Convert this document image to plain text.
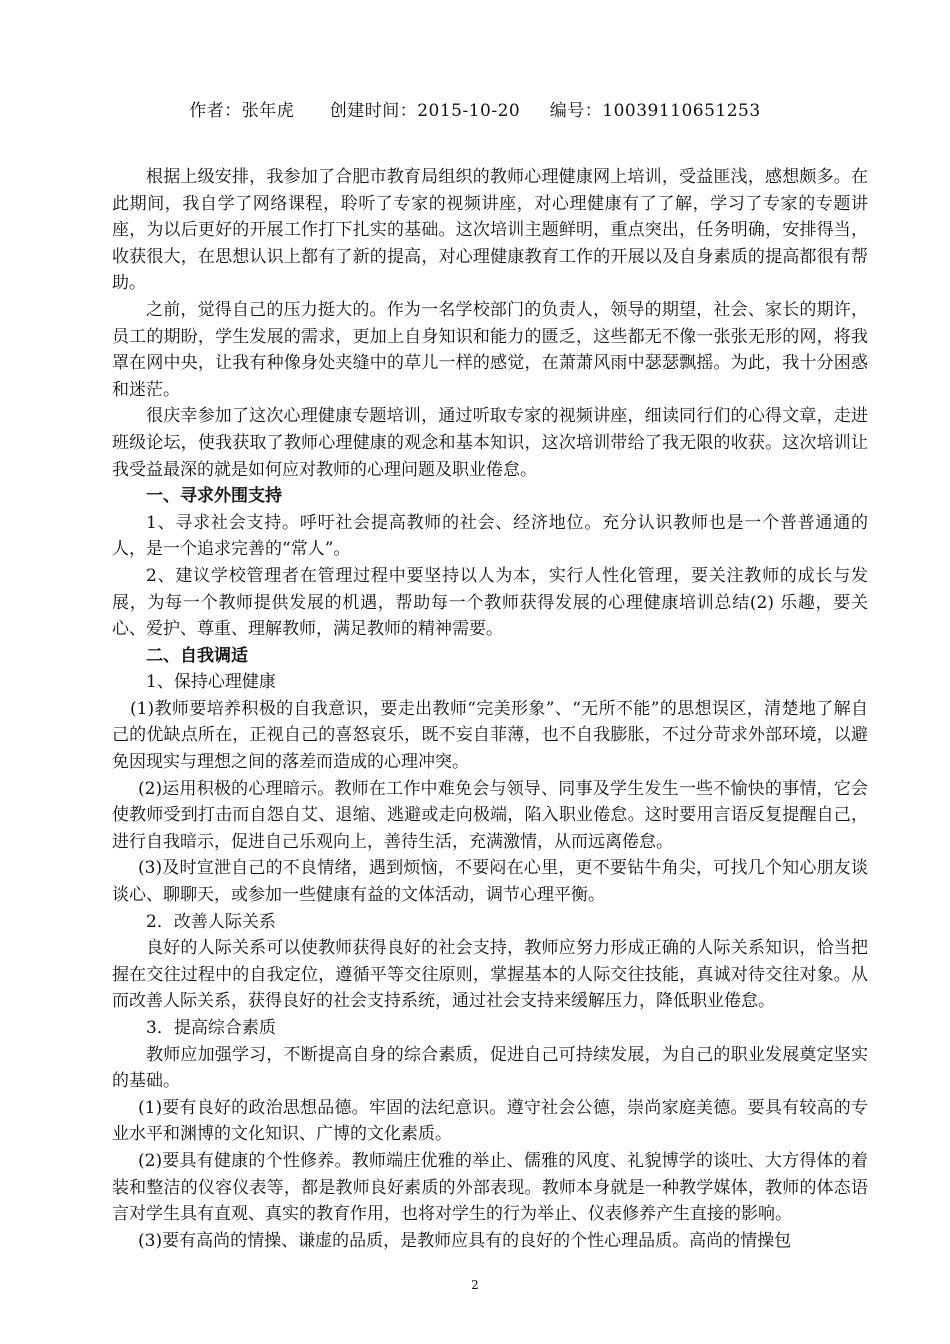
作者：张年虎 创建时间：2015-10-20 编号：10039110651253

根据上级安排，我参加了合肥市教育局组织的教师心理健康网上培训，受益匪浅，感想颇多。在此期间，我自学了网络课程，聆听了专家的视频讲座，对心理健康有了了解，学习了专家的专题讲座，为以后更好的开展工作打下扎实的基础。这次培训主题鲜明，重点突出，任务明确，安排得当，收获很大，在思想认识上都有了新的提高，对心理健康教育工作的开展以及自身素质的提高都很有帮助。

之前，觉得自己的压力挺大的。作为一名学校部门的负责人，领导的期望，社会、家长的期许，员工的期盼，学生发展的需求，更加上自身知识和能力的匮乏，这些都无不像一张张无形的网，将我罩在网中央，让我有种像身处夹缝中的草儿一样的感觉，在萧萧风雨中瑟瑟飘摇。为此，我十分困惑和迷茫。

很庆幸参加了这次心理健康专题培训，通过听取专家的视频讲座，细读同行们的心得文章，走进班级论坛，使我获取了教师心理健康的观念和基本知识，这次培训带给了我无限的收获。这次培训让我受益最深的就是如何应对教师的心理问题及职业倦怠。

一、寻求外围支持

1、寻求社会支持。呼吁社会提高教师的社会、经济地位。充分认识教师也是一个普普通通的人，是一个追求完善的“常人”。

2、建议学校管理者在管理过程中要坚持以人为本，实行人性化管理，要关注教师的成长与发展，为每一个教师提供发展的机遇，帮助每一个教师获得发展的心理健康培训总结(2) 乐趣，要关心、爱护、尊重、理解教师，满足教师的精神需要。

二、自我调适

1、保持心理健康

(1)教师要培养积极的自我意识，要走出教师“完美形象”、“无所不能”的思想误区，清楚地了解自己的优缺点所在，正视自己的喜怒哀乐，既不妄自菲薄，也不自我膨胀，不过分苛求外部环境，以避免因现实与理想之间的落差而造成的心理冲突。

(2)运用积极的心理暗示。教师在工作中难免会与领导、同事及学生发生一些不愉快的事情，它会使教师受到打击而自怨自艾、退缩、逃避或走向极端，陷入职业倦怠。这时要用言语反复提醒自己，进行自我暗示，促进自己乐观向上，善待生活，充满激情，从而远离倦怠。

(3)及时宣泄自己的不良情绪，遇到烦恼，不要闷在心里，更不要钻牛角尖，可找几个知心朋友谈谈心、聊聊天，或参加一些健康有益的文体活动，调节心理平衡。

2．改善人际关系

良好的人际关系可以使教师获得良好的社会支持，教师应努力形成正确的人际关系知识，恰当把握在交往过程中的自我定位，遵循平等交往原则，掌握基本的人际交往技能，真诚对待交往对象。从而改善人际关系，获得良好的社会支持系统，通过社会支持来缓解压力，降低职业倦怠。

3．提高综合素质

教师应加强学习，不断提高自身的综合素质，促进自己可持续发展，为自己的职业发展奠定坚实的基础。

(1)要有良好的政治思想品德。牢固的法纪意识。遵守社会公德，崇尚家庭美德。要具有较高的专业水平和渊博的文化知识、广博的文化素质。

(2)要具有健康的个性修养。教师端庄优雅的举止、儒雅的风度、礼貌博学的谈吐、大方得体的着装和整洁的仪容仪表等，都是教师良好素质的外部表现。教师本身就是一种教学媒体，教师的体态语言对学生具有直观、真实的教育作用，也将对学生的行为举止、仪表修养产生直接的影响。

(3)要有高尚的情操、谦虚的品质，是教师应具有的良好的个性心理品质。高尚的情操包

2
